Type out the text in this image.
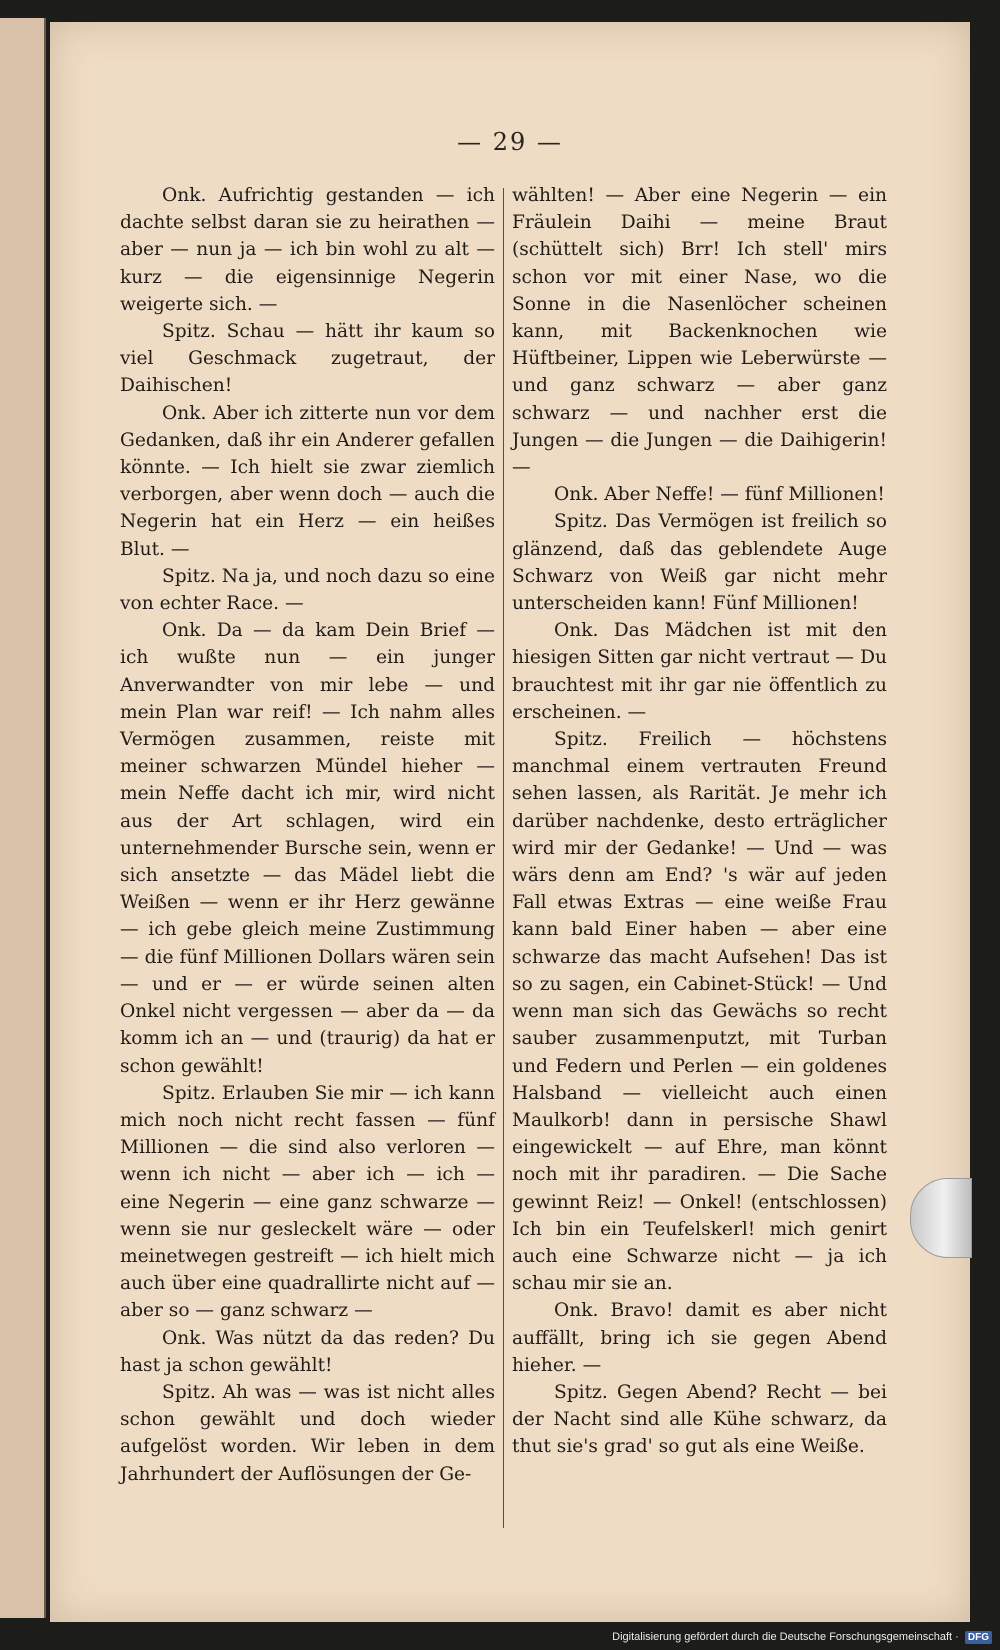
— 29 —

Onk. Aufrichtig gestanden — ich dachte selbst daran sie zu heirathen — aber — nun ja — ich bin wohl zu alt — kurz — die eigensinnige Negerin weigerte sich. —

Spitz. Schau — hätt ihr kaum so viel Geschmack zugetraut, der Daihischen!

Onk. Aber ich zitterte nun vor dem Gedanken, daß ihr ein Anderer gefallen könnte. — Ich hielt sie zwar ziemlich verborgen, aber wenn doch — auch die Negerin hat ein Herz — ein heißes Blut. —

Spitz. Na ja, und noch dazu so eine von echter Race. —

Onk. Da — da kam Dein Brief — ich wußte nun — ein junger Anverwandter von mir lebe — und mein Plan war reif! — Ich nahm alles Vermögen zusammen, reiste mit meiner schwarzen Mündel hieher — mein Neffe dacht ich mir, wird nicht aus der Art schlagen, wird ein unternehmender Bursche sein, wenn er sich ansetzte — das Mädel liebt die Weißen — wenn er ihr Herz gewänne — ich gebe gleich meine Zustimmung — die fünf Millionen Dollars wären sein — und er — er würde seinen alten Onkel nicht vergessen — aber da — da komm ich an — und (traurig) da hat er schon gewählt!

Spitz. Erlauben Sie mir — ich kann mich noch nicht recht fassen — fünf Millionen — die sind also verloren — wenn ich nicht — aber ich — ich — eine Negerin — eine ganz schwarze — wenn sie nur gesleckelt wäre — oder meinetwegen gestreift — ich hielt mich auch über eine quadrallirte nicht auf — aber so — ganz schwarz —

Onk. Was nützt da das reden? Du hast ja schon gewählt!

Spitz. Ah was — was ist nicht alles schon gewählt und doch wieder aufgelöst worden. Wir leben in dem Jahrhundert der Auflösungen der Ge-

wählten! — Aber eine Negerin — ein Fräulein Daihi — meine Braut (schüttelt sich) Brr! Ich stell' mirs schon vor mit einer Nase, wo die Sonne in die Nasenlöcher scheinen kann, mit Backenknochen wie Hüftbeiner, Lippen wie Leberwürste — und ganz schwarz — aber ganz schwarz — und nachher erst die Jungen — die Jungen — die Daihigerin! —

Onk. Aber Neffe! — fünf Millionen!

Spitz. Das Vermögen ist freilich so glänzend, daß das geblendete Auge Schwarz von Weiß gar nicht mehr unterscheiden kann! Fünf Millionen!

Onk. Das Mädchen ist mit den hiesigen Sitten gar nicht vertraut — Du brauchtest mit ihr gar nie öffentlich zu erscheinen. —

Spitz. Freilich — höchstens manchmal einem vertrauten Freund sehen lassen, als Rarität. Je mehr ich darüber nachdenke, desto erträglicher wird mir der Gedanke! — Und — was wärs denn am End? 's wär auf jeden Fall etwas Extras — eine weiße Frau kann bald Einer haben — aber eine schwarze das macht Aufsehen! Das ist so zu sagen, ein Cabinet-Stück! — Und wenn man sich das Gewächs so recht sauber zusammenputzt, mit Turban und Federn und Perlen — ein goldenes Halsband — vielleicht auch einen Maulkorb! dann in persische Shawl eingewickelt — auf Ehre, man könnt noch mit ihr paradiren. — Die Sache gewinnt Reiz! — Onkel! (entschlossen) Ich bin ein Teufelskerl! mich genirt auch eine Schwarze nicht — ja ich schau mir sie an.

Onk. Bravo! damit es aber nicht auffällt, bring ich sie gegen Abend hieher. —

Spitz. Gegen Abend? Recht — bei der Nacht sind alle Kühe schwarz, da thut sie's grad' so gut als eine Weiße.

Digitalisierung gefördert durch die Deutsche Forschungsgemeinschaft · DFG
